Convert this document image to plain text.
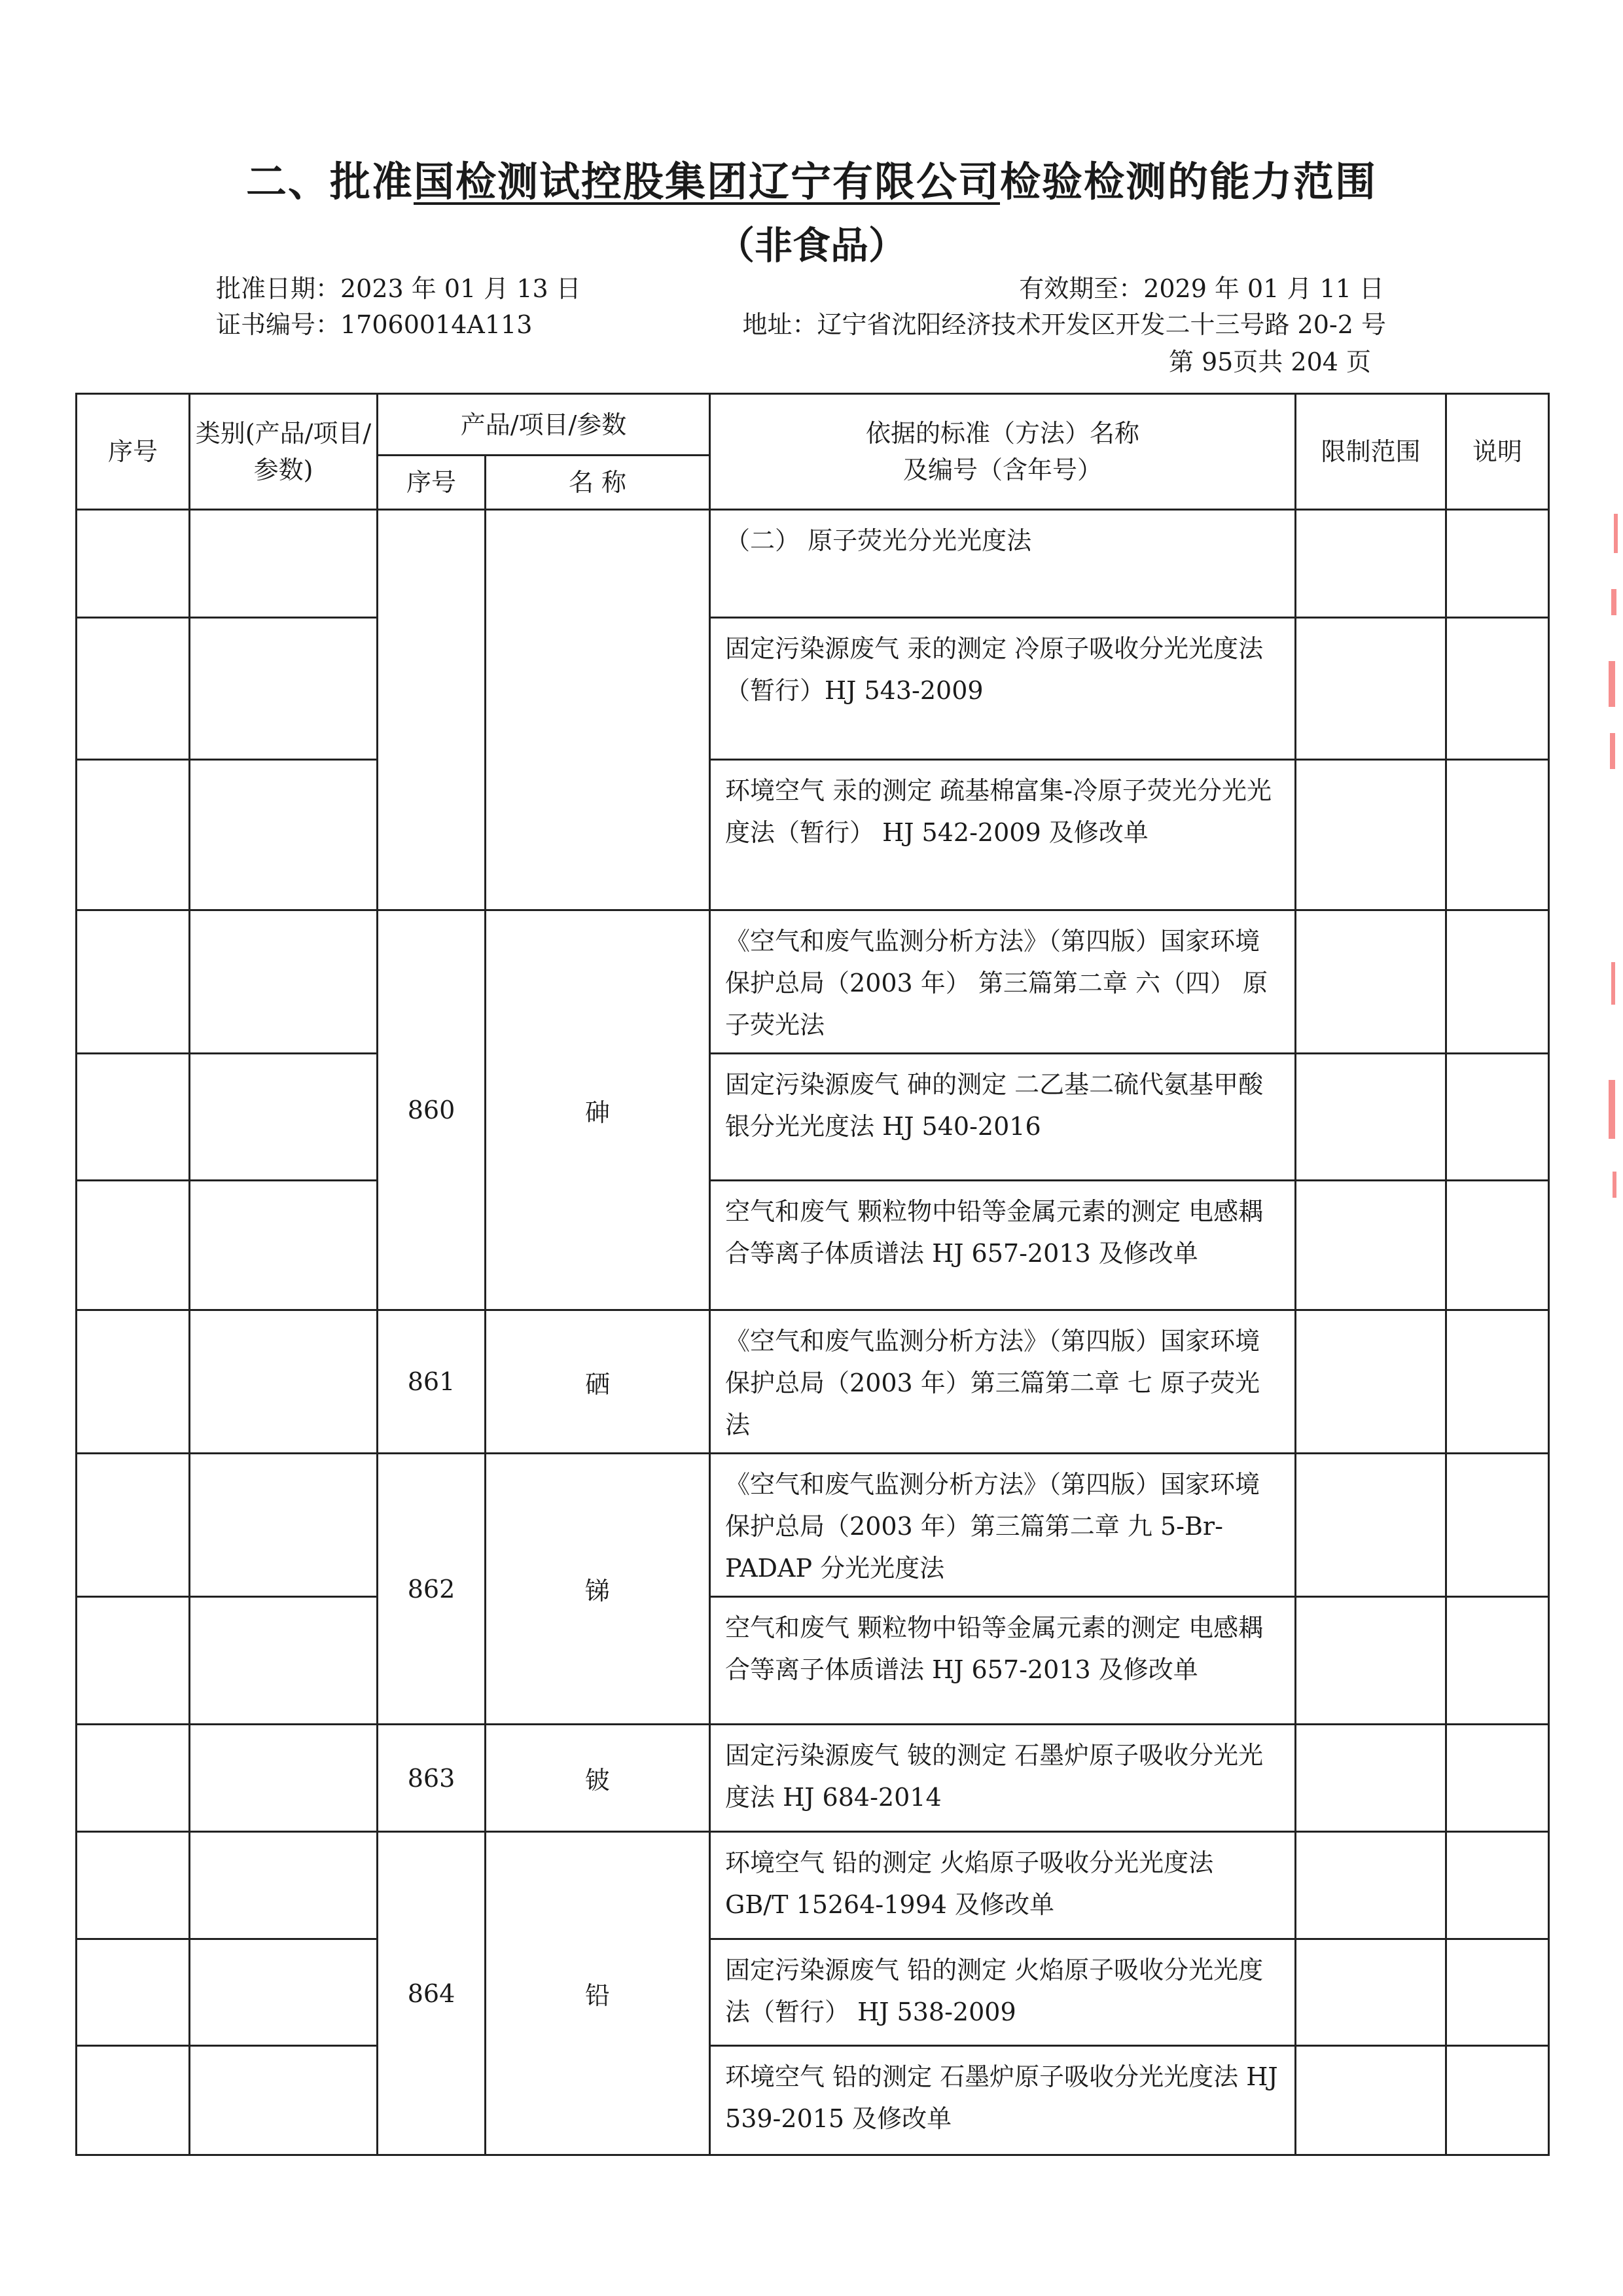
二、批准国检测试控股集团辽宁有限公司检验检测的能力范围
（非食品）
批准日期：2023 年 01 月 13 日	有效期至：2029 年 01 月 11 日
证书编号：17060014A113	地址：辽宁省沈阳经济技术开发区开发二十三号路 20-2 号
第 95页共 204 页
序号	类别(产品/项目/参数)	产品/项目/参数		依据的标准（方法）名称
及编号（含年号）	限制范围	说明
		序号	名 称			
				（二） 原子荧光分光光度法		
				固定污染源废气 汞的测定 冷原子吸收分光光度法（暂行）HJ 543-2009		
				环境空气 汞的测定 疏基棉富集-冷原子荧光分光光度法（暂行） HJ 542-2009 及修改单		
		860	砷	《空气和废气监测分析方法》（第四版）国家环境保护总局（2003 年） 第三篇第二章 六（四） 原子荧光法		
				固定污染源废气 砷的测定 二乙基二硫代氨基甲酸银分光光度法 HJ 540-2016		
				空气和废气 颗粒物中铅等金属元素的测定 电感耦合等离子体质谱法 HJ 657-2013 及修改单		
		861	硒	《空气和废气监测分析方法》（第四版）国家环境保护总局（2003 年）第三篇第二章 七 原子荧光法		
		862	锑	《空气和废气监测分析方法》（第四版）国家环境保护总局（2003 年）第三篇第二章 九 5-Br-PADAP 分光光度法		
				空气和废气 颗粒物中铅等金属元素的测定 电感耦合等离子体质谱法 HJ 657-2013 及修改单		
		863	铍	固定污染源废气 铍的测定 石墨炉原子吸收分光光度法 HJ 684-2014		
		864	铅	环境空气 铅的测定 火焰原子吸收分光光度法 GB/T 15264-1994 及修改单		
				固定污染源废气 铅的测定 火焰原子吸收分光光度法（暂行） HJ 538-2009		
				环境空气 铅的测定 石墨炉原子吸收分光光度法 HJ 539-2015 及修改单		
